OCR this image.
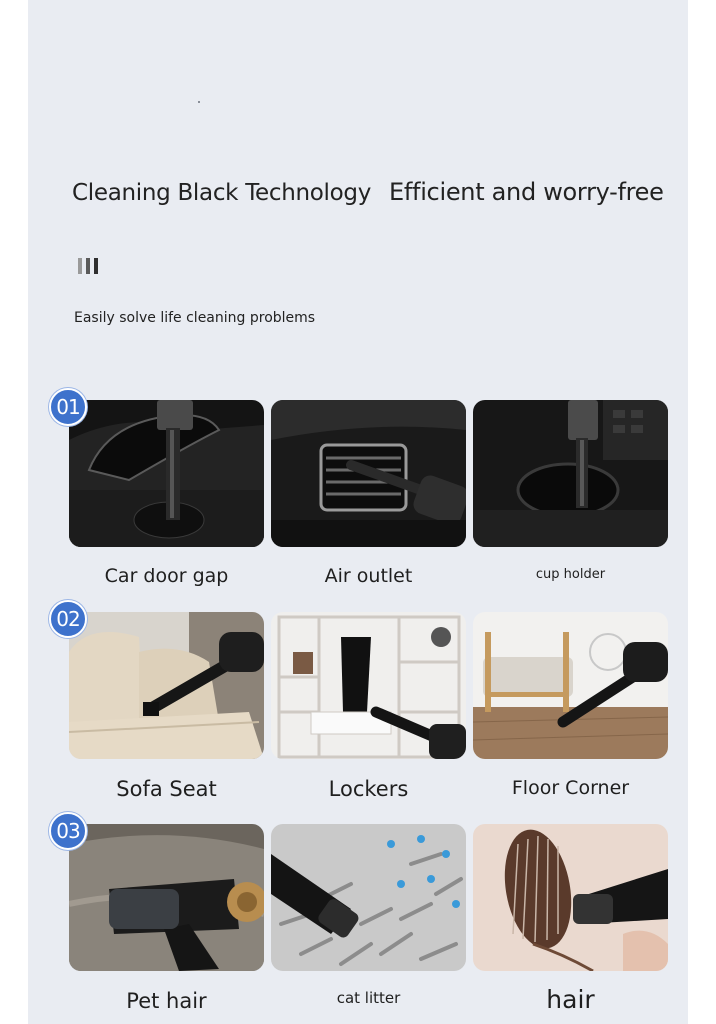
Cleaning Black Technology Efficient and worry-free
Easily solve life cleaning problems
01
Car door gap	Air outlet	cup holder
02
Sofa Seat	Lockers	Floor Corner
03
Pet hair	cat litter	hair
